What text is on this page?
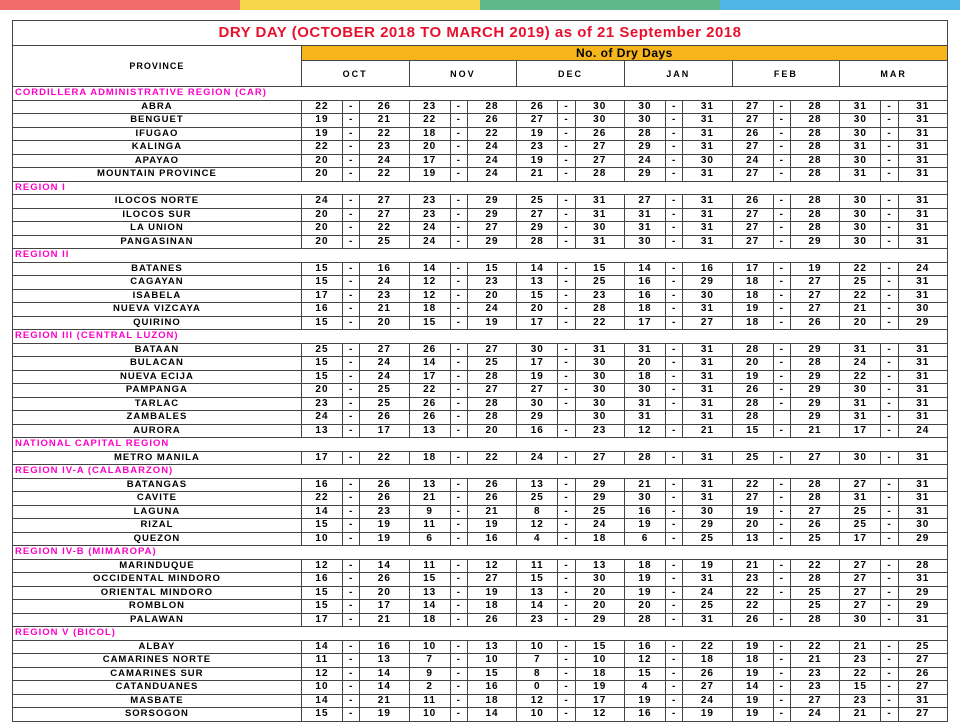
DRY DAY (OCTOBER 2018 TO MARCH 2019) as of 21 September 2018																		
PROVINCE	No. of Dry Days																	
	OCT			NOV			DEC			JAN			FEB			MAR		
CORDILLERA ADMINISTRATIVE REGION (CAR)																		
ABRA	22	-	26	23	-	28	26	-	30	30	-	31	27	-	28	31	-	31
BENGUET	19	-	21	22	-	26	27	-	30	30	-	31	27	-	28	30	-	31
IFUGAO	19	-	22	18	-	22	19	-	26	28	-	31	26	-	28	30	-	31
KALINGA	22	-	23	20	-	24	23	-	27	29	-	31	27	-	28	31	-	31
APAYAO	20	-	24	17	-	24	19	-	27	24	-	30	24	-	28	30	-	31
MOUNTAIN PROVINCE	20	-	22	19	-	24	21	-	28	29	-	31	27	-	28	31	-	31
REGION I																		
ILOCOS NORTE	24	-	27	23	-	29	25	-	31	27	-	31	26	-	28	30	-	31
ILOCOS SUR	20	-	27	23	-	29	27	-	31	31	-	31	27	-	28	30	-	31
LA UNION	20	-	22	24	-	27	29	-	30	31	-	31	27	-	28	30	-	31
PANGASINAN	20	-	25	24	-	29	28	-	31	30	-	31	27	-	29	30	-	31
REGION II																		
BATANES	15	-	16	14	-	15	14	-	15	14	-	16	17	-	19	22	-	24
CAGAYAN	15	-	24	12	-	23	13	-	25	16	-	29	18	-	27	25	-	31
ISABELA	17	-	23	12	-	20	15	-	23	16	-	30	18	-	27	22	-	31
NUEVA VIZCAYA	16	-	21	18	-	24	20	-	28	18	-	31	19	-	27	21	-	30
QUIRINO	15	-	20	15	-	19	17	-	22	17	-	27	18	-	26	20	-	29
REGION III (CENTRAL LUZON)																		
BATAAN	25	-	27	26	-	27	30	-	31	31	-	31	28	-	29	31	-	31
BULACAN	15	-	24	14	-	25	17	-	30	20	-	31	20	-	28	24	-	31
NUEVA ECIJA	15	-	24	17	-	28	19	-	30	18	-	31	19	-	29	22	-	31
PAMPANGA	20	-	25	22	-	27	27	-	30	30	-	31	26	-	29	30	-	31
TARLAC	23	-	25	26	-	28	30	-	30	31	-	31	28	-	29	31	-	31
ZAMBALES	24	-	26	26	-	28	29		30	31		31	28		29	31	-	31
AURORA	13	-	17	13	-	20	16	-	23	12	-	21	15	-	21	17	-	24
NATIONAL CAPITAL REGION																		
METRO MANILA	17	-	22	18	-	22	24	-	27	28	-	31	25	-	27	30	-	31
REGION IV-A (CALABARZON)																		
BATANGAS	16	-	26	13	-	26	13	-	29	21	-	31	22	-	28	27	-	31
CAVITE	22	-	26	21	-	26	25	-	29	30	-	31	27	-	28	31	-	31
LAGUNA	14	-	23	9	-	21	8	-	25	16	-	30	19	-	27	25	-	31
RIZAL	15	-	19	11	-	19	12	-	24	19	-	29	20	-	26	25	-	30
QUEZON	10	-	19	6	-	16	4	-	18	6	-	25	13	-	25	17	-	29
REGION IV-B (MIMAROPA)																		
MARINDUQUE	12	-	14	11	-	12	11	-	13	18	-	19	21	-	22	27	-	28
OCCIDENTAL MINDORO	16	-	26	15	-	27	15	-	30	19	-	31	23	-	28	27	-	31
ORIENTAL MINDORO	15	-	20	13	-	19	13	-	20	19	-	24	22	-	25	27	-	29
ROMBLON	15	-	17	14	-	18	14	-	20	20	-	25	22		25	27	-	29
PALAWAN	17	-	21	18	-	26	23	-	29	28	-	31	26	-	28	30	-	31
REGION V (BICOL)																		
ALBAY	14	-	16	10	-	13	10	-	15	16	-	22	19	-	22	21	-	25
CAMARINES NORTE	11	-	13	7	-	10	7	-	10	12	-	18	18	-	21	23	-	27
CAMARINES SUR	12	-	14	9	-	15	8	-	18	15	-	26	19	-	23	22	-	26
CATANDUANES	10	-	14	2	-	16	0	-	19	4	-	27	14	-	23	15	-	27
MASBATE	14	-	21	11	-	18	12	-	17	19	-	24	19	-	27	23	-	31
SORSOGON	15	-	19	10	-	14	10	-	12	16	-	19	19	-	24	21	-	27
